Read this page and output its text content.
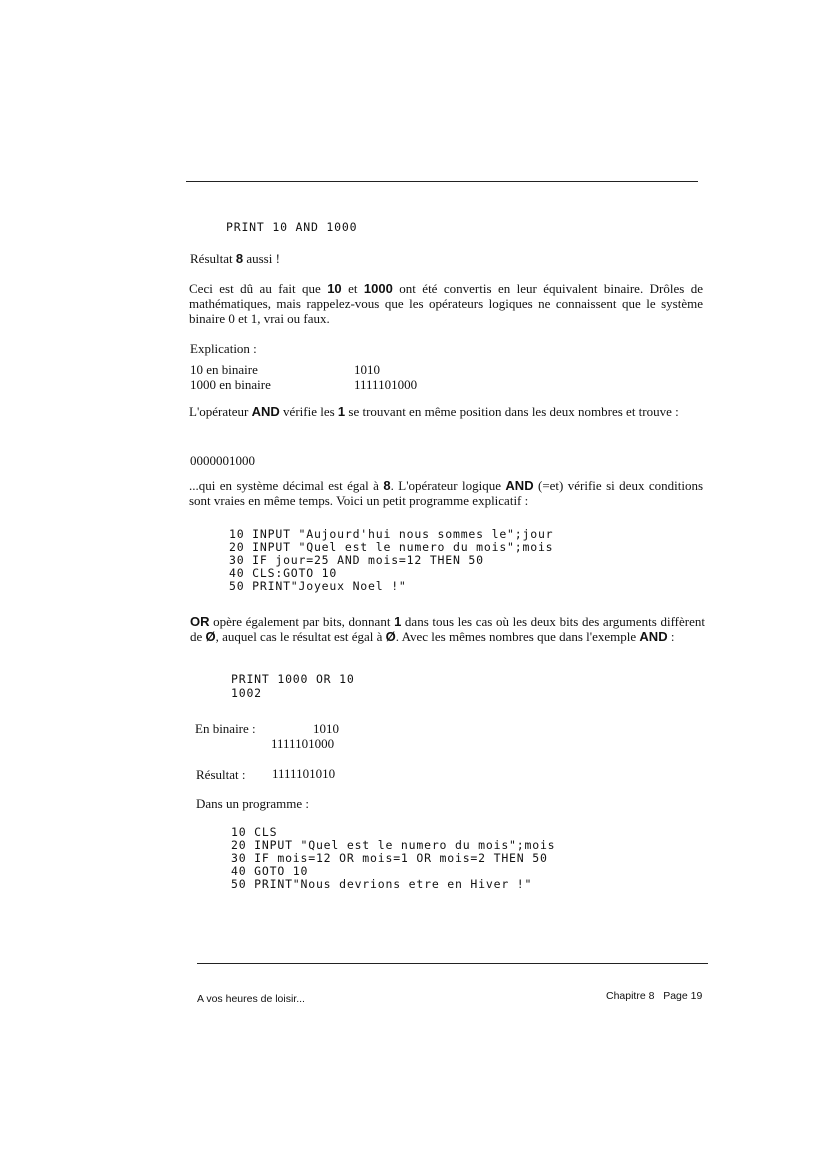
PRINT 10 AND 1000
Résultat 8 aussi !
Ceci est dû au fait que 10 et 1000 ont été convertis en leur équivalent binaire. Drôles de mathématiques, mais rappelez-vous que les opérateurs logiques ne connaissent que le système binaire 0 et 1, vrai ou faux.
Explication :
10 en binaire	1010
1000 en binaire	1111101000
L'opérateur AND vérifie les 1 se trouvant en même position dans les deux nombres et trouve :
0000001000
...qui en système décimal est égal à 8. L'opérateur logique AND (=et) vérifie si deux conditions sont vraies en même temps. Voici un petit programme explicatif :
10 INPUT "Aujourd'hui nous sommes le";jour
20 INPUT "Quel est le numero du mois";mois
30 IF jour=25 AND mois=12 THEN 50
40 CLS:GOTO 10
50 PRINT"Joyeux Noel !"
OR opère également par bits, donnant 1 dans tous les cas où les deux bits des arguments diffèrent de Ø, auquel cas le résultat est égal à Ø. Avec les mêmes nombres que dans l'exemple AND :
PRINT 1000 OR 10
1002
En binaire :	1010
1111101000
Résultat : 1111101010
Dans un programme :
10 CLS
20 INPUT "Quel est le numero du mois";mois
30 IF mois=12 OR mois=1 OR mois=2 THEN 50
40 GOTO 10
50 PRINT"Nous devrions etre en Hiver !"
A vos heures de loisir...	Chapitre 8   Page 19
